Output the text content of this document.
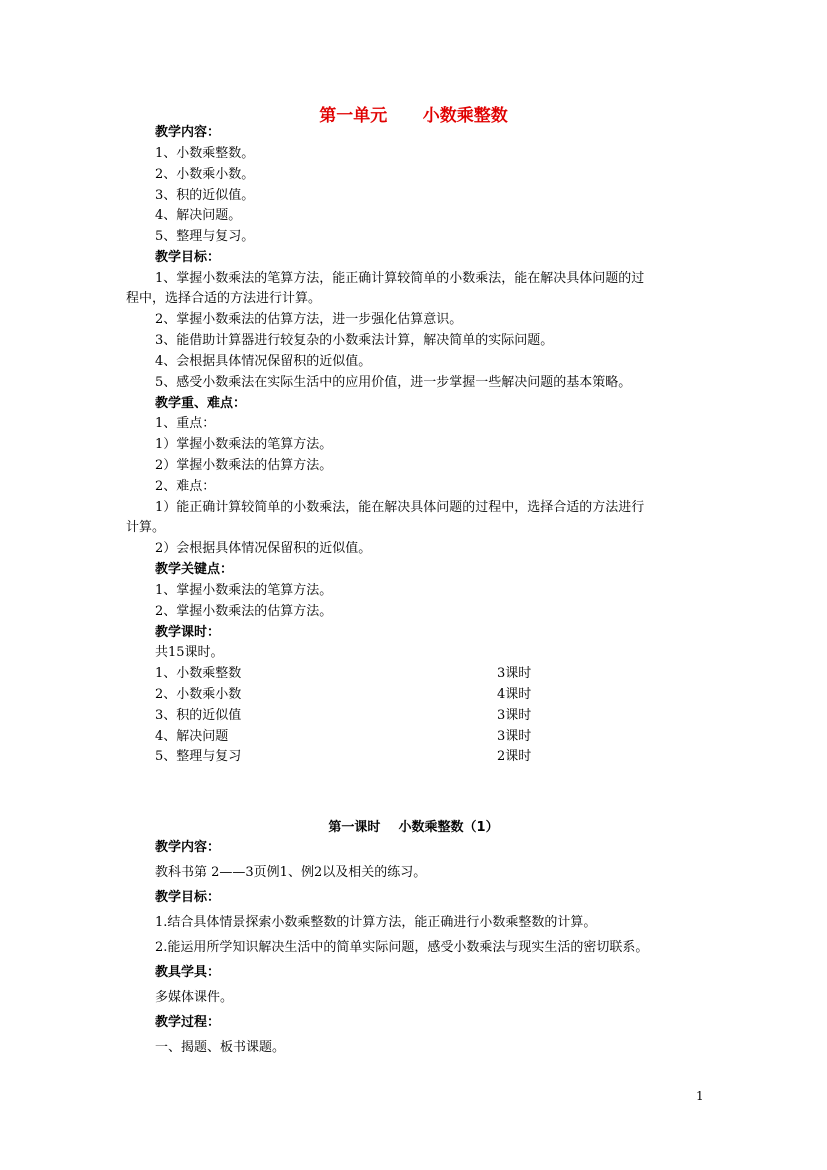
第一单元      小数乘整数
教学内容：
1、小数乘整数。
2、小数乘小数。
3、积的近似值。
4、解决问题。
5、整理与复习。
教学目标：
1、掌握小数乘法的笔算方法，能正确计算较简单的小数乘法，能在解决具体问题的过
程中，选择合适的方法进行计算。
2、掌握小数乘法的估算方法，进一步强化估算意识。
3、能借助计算器进行较复杂的小数乘法计算，解决简单的实际问题。
4、会根据具体情况保留积的近似值。
5、感受小数乘法在实际生活中的应用价值，进一步掌握一些解决问题的基本策略。
教学重、难点：
1、重点：
1）掌握小数乘法的笔算方法。
2）掌握小数乘法的估算方法。
2、难点：
1）能正确计算较简单的小数乘法，能在解决具体问题的过程中，选择合适的方法进行
计算。
2）会根据具体情况保留积的近似值。
教学关键点：
1、掌握小数乘法的笔算方法。
2、掌握小数乘法的估算方法。
教学课时：
共15课时。
1、小数乘整数	3课时
2、小数乘小数	4课时
3、积的近似值	3课时
4、解决问题	3课时
5、整理与复习	2课时
第一课时    小数乘整数（1）
教学内容：
教科书第 2——3页例1、例2以及相关的练习。
教学目标：
1.结合具体情景探索小数乘整数的计算方法，能正确进行小数乘整数的计算。
2.能运用所学知识解决生活中的简单实际问题，感受小数乘法与现实生活的密切联系。
教具学具：
多媒体课件。
教学过程：
一、揭题、板书课题。
1
